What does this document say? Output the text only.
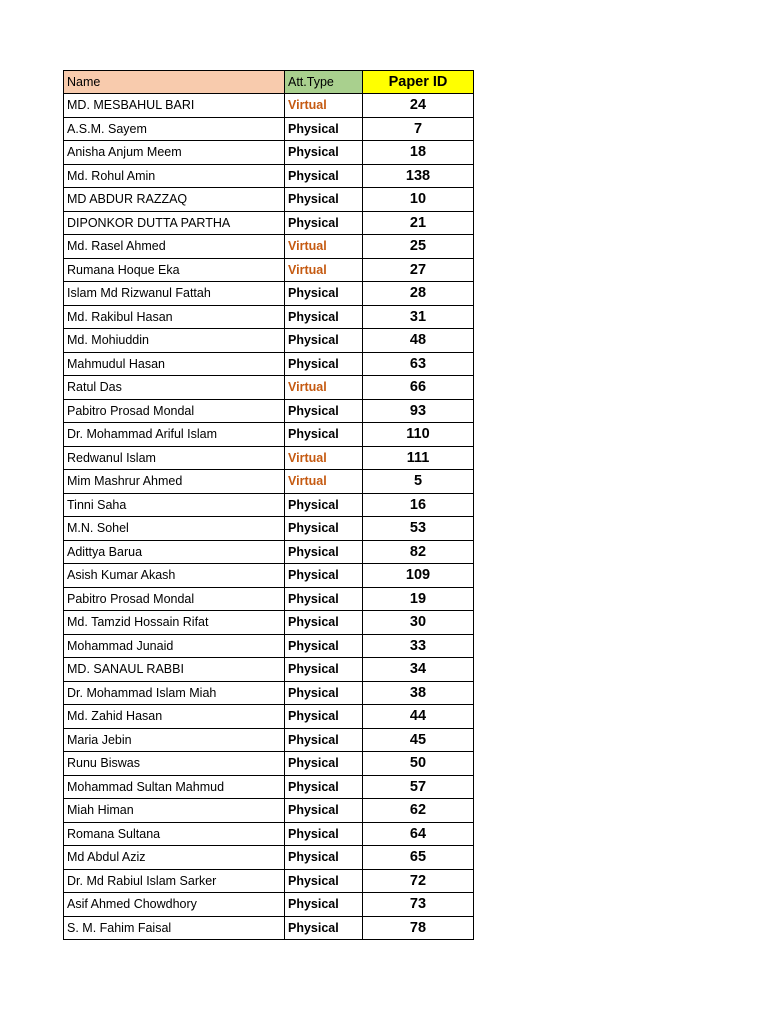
Name	Att.Type	Paper ID
MD. MESBAHUL BARI	Virtual	24
A.S.M. Sayem	Physical	7
Anisha Anjum Meem	Physical	18
Md. Rohul Amin	Physical	138
MD ABDUR RAZZAQ	Physical	10
DIPONKOR DUTTA PARTHA	Physical	21
Md. Rasel Ahmed	Virtual	25
Rumana Hoque Eka	Virtual	27
Islam Md Rizwanul Fattah	Physical	28
Md. Rakibul Hasan	Physical	31
Md. Mohiuddin	Physical	48
Mahmudul Hasan	Physical	63
Ratul Das	Virtual	66
Pabitro Prosad Mondal	Physical	93
Dr. Mohammad Ariful Islam	Physical	110
Redwanul Islam	Virtual	111
Mim Mashrur Ahmed	Virtual	5
Tinni Saha	Physical	16
M.N. Sohel	Physical	53
Adittya Barua	Physical	82
Asish Kumar Akash	Physical	109
Pabitro Prosad Mondal	Physical	19
Md. Tamzid Hossain Rifat	Physical	30
Mohammad Junaid	Physical	33
MD. SANAUL RABBI	Physical	34
Dr. Mohammad Islam Miah	Physical	38
Md. Zahid Hasan	Physical	44
Maria Jebin	Physical	45
Runu Biswas	Physical	50
Mohammad Sultan Mahmud	Physical	57
Miah Himan	Physical	62
Romana Sultana	Physical	64
Md Abdul Aziz	Physical	65
Dr. Md Rabiul Islam Sarker	Physical	72
Asif Ahmed Chowdhory	Physical	73
S. M. Fahim Faisal	Physical	78
